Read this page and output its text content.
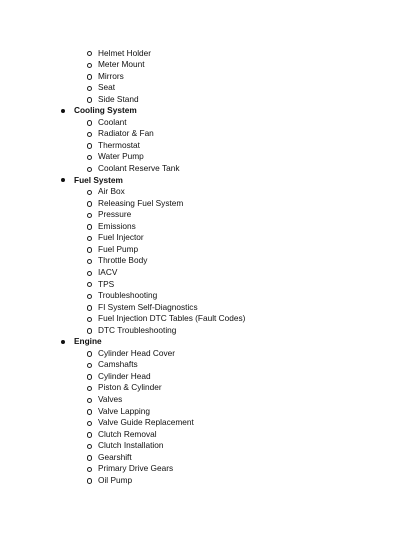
Helmet Holder
Meter Mount
Mirrors
Seat
Side Stand
Cooling System
Coolant
Radiator & Fan
Thermostat
Water Pump
Coolant Reserve Tank
Fuel System
Air Box
Releasing Fuel System
Pressure
Emissions
Fuel Injector
Fuel Pump
Throttle Body
IACV
TPS
Troubleshooting
FI System Self-Diagnostics
Fuel Injection DTC Tables (Fault Codes)
DTC Troubleshooting
Engine
Cylinder Head Cover
Camshafts
Cylinder Head
Piston & Cylinder
Valves
Valve Lapping
Valve Guide Replacement
Clutch Removal
Clutch Installation
Gearshift
Primary Drive Gears
Oil Pump
